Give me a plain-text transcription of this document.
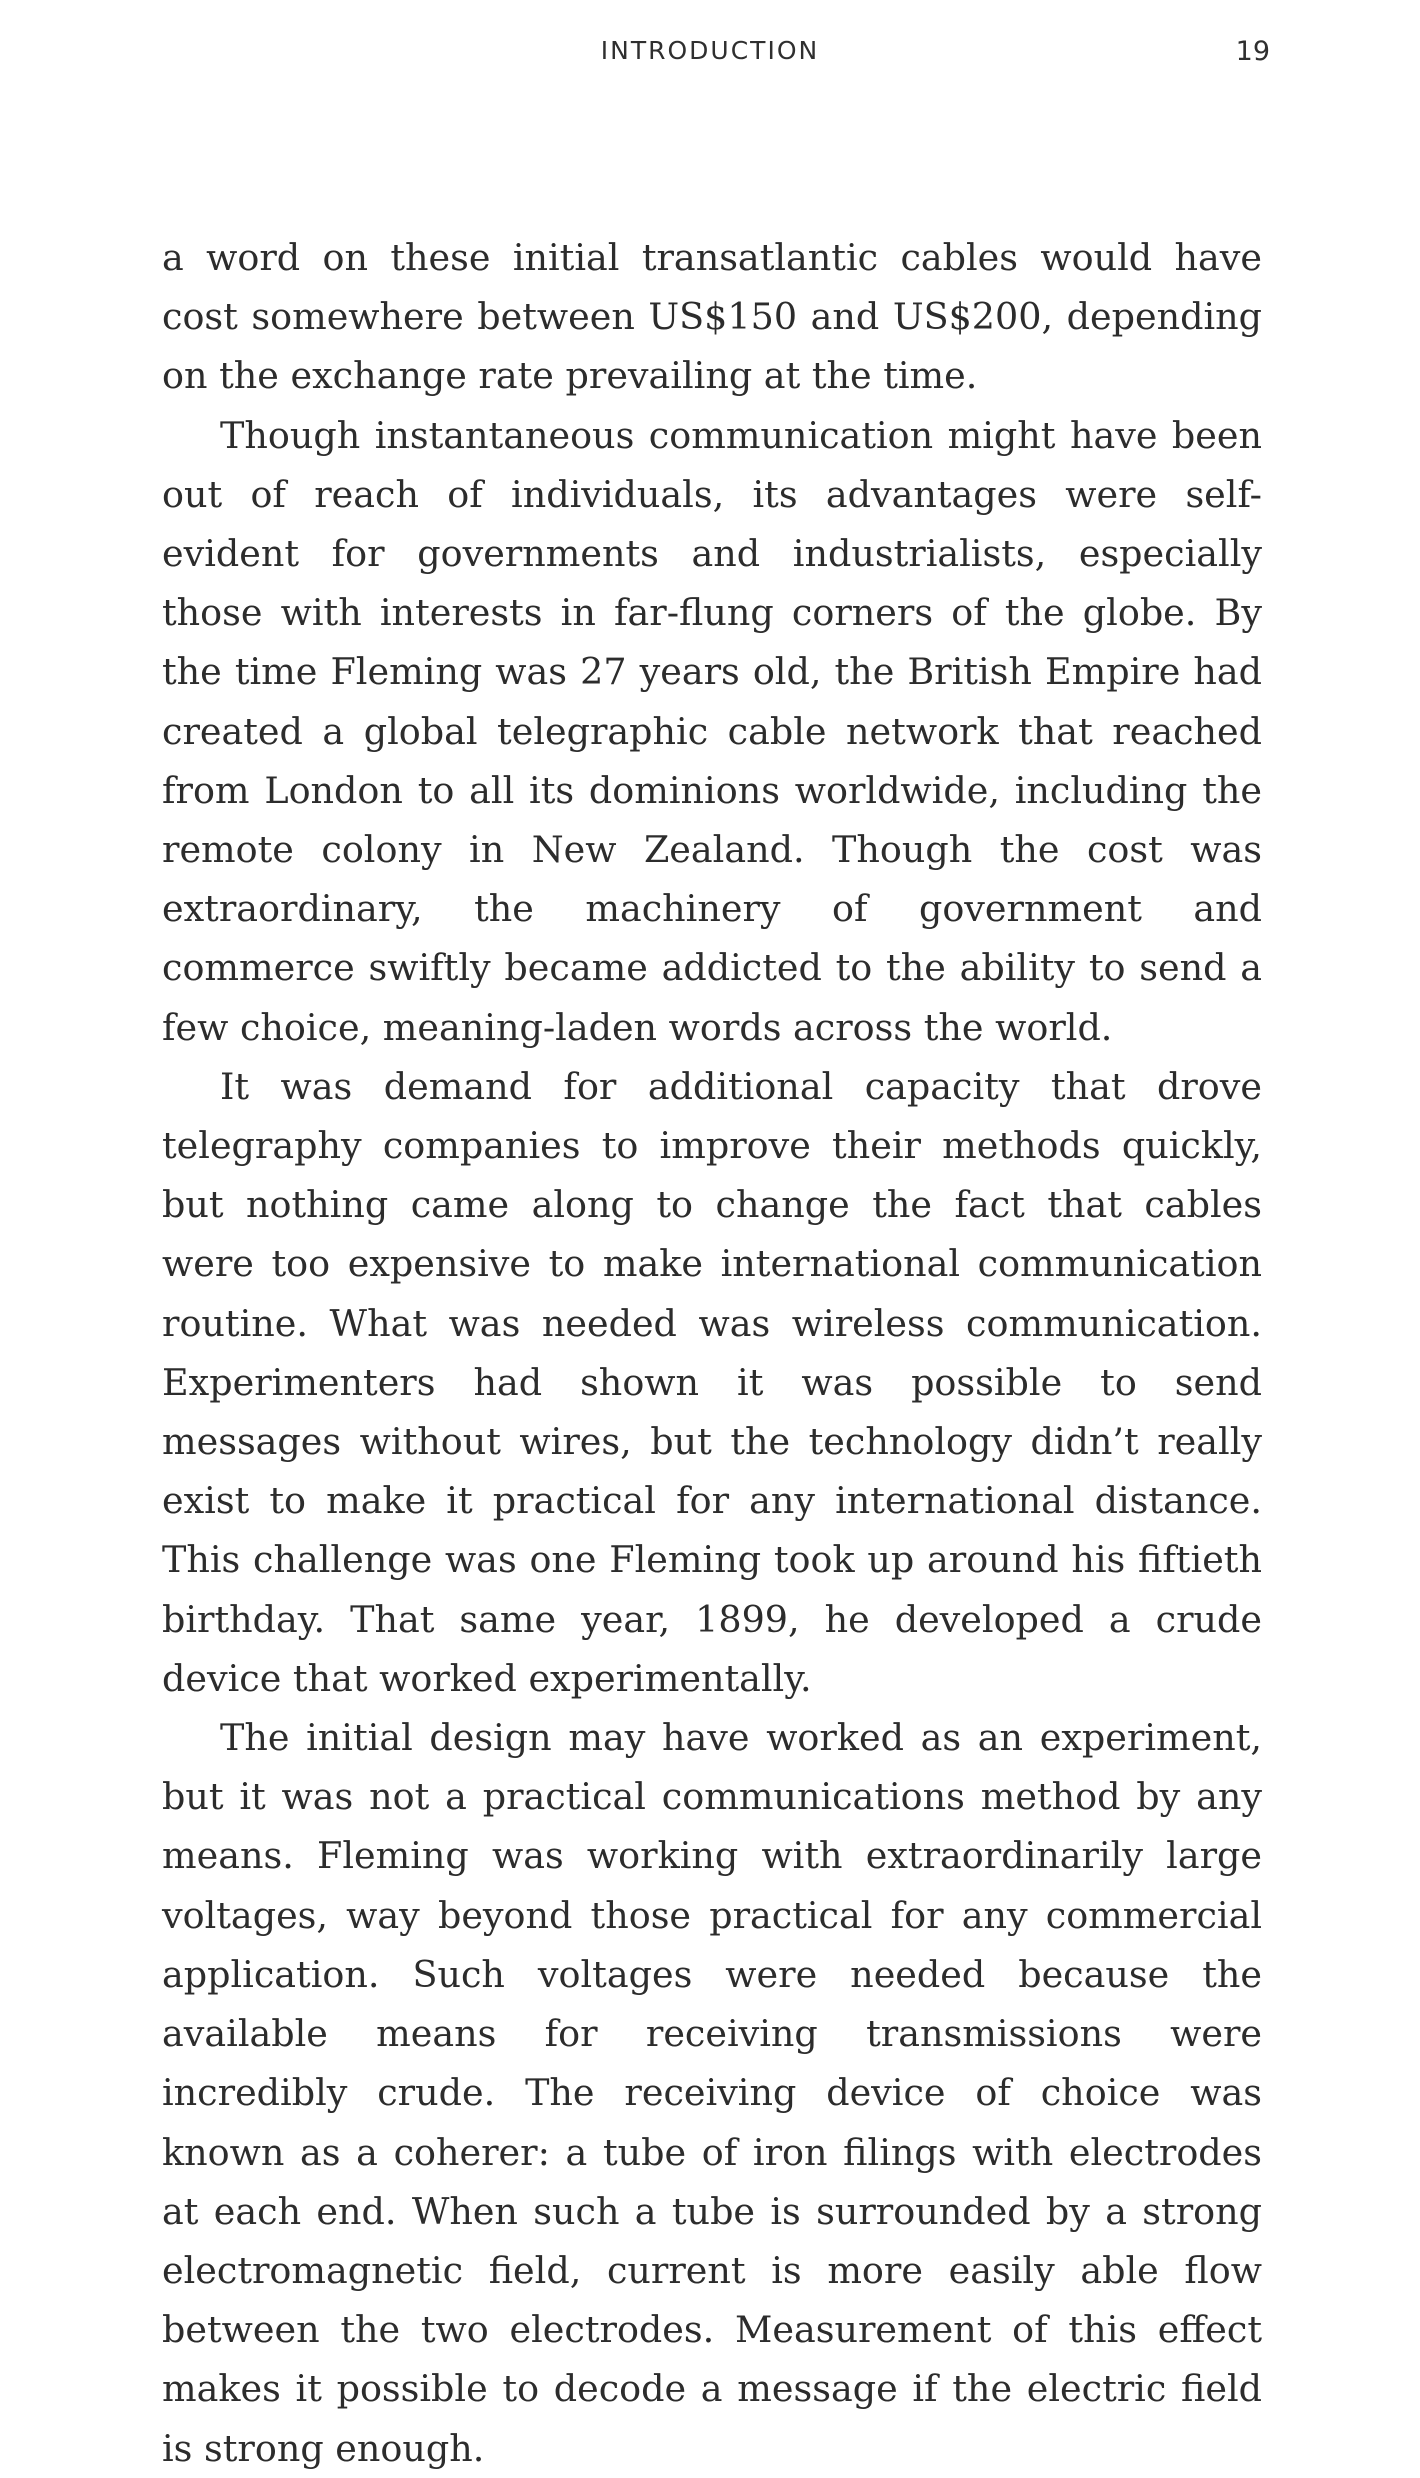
INTRODUCTION	19

a word on these initial transatlantic cables would have cost somewhere between US$150 and US$200, depending on the exchange rate prevailing at the time.

Though instantaneous communication might have been out of reach of individuals, its advantages were self-evident for governments and industrialists, especially those with interests in far-flung corners of the globe. By the time Fleming was 27 years old, the British Empire had created a global telegraphic cable network that reached from London to all its dominions worldwide, including the remote colony in New Zealand. Though the cost was extraordinary, the machinery of government and commerce swiftly became addicted to the ability to send a few choice, meaning-laden words across the world.

It was demand for additional capacity that drove telegraphy companies to improve their methods quickly, but nothing came along to change the fact that cables were too expensive to make international communication routine. What was needed was wireless communication. Experimenters had shown it was possible to send messages without wires, but the technology didn’t really exist to make it practical for any international distance. This challenge was one Fleming took up around his fiftieth birthday. That same year, 1899, he developed a crude device that worked experimentally.

The initial design may have worked as an experiment, but it was not a practical communications method by any means. Fleming was working with extraordinarily large voltages, way beyond those practical for any commercial application. Such voltages were needed because the available means for receiving transmissions were incredibly crude. The receiving device of choice was known as a coherer: a tube of iron filings with electrodes at each end. When such a tube is surrounded by a strong electromagnetic field, current is more easily able flow between the two electrodes. Measurement of this effect makes it possible to decode a message if the electric field is strong enough.
